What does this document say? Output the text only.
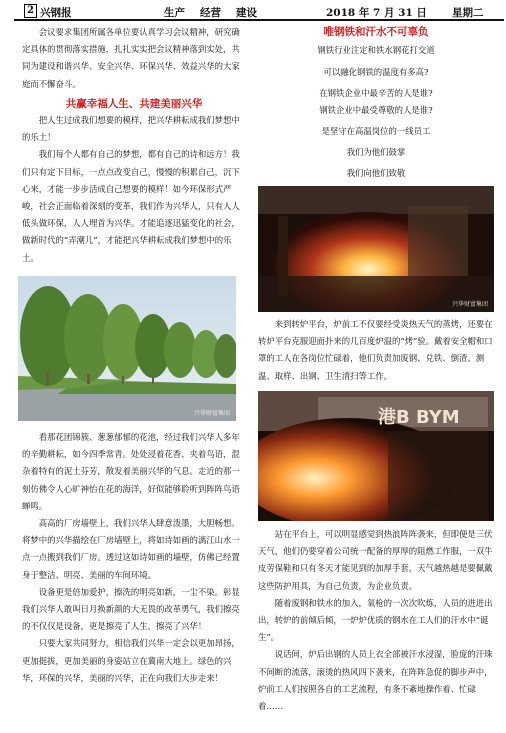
2 兴钢报	生产 经营 建设	2018 年 7 月 31 日 星期二

会议要求集团所属各单位要认真学习会议精神，研究确定具体的贯彻落实措施，扎扎实实把会议精神落到实处，共同为建设和谐兴华、安全兴华、环保兴华、效益兴华的大家庭而不懈奋斗。

共赢幸福人生、共建美丽兴华

把人生过成我们想要的模样，把兴华耕耘成我们梦想中的乐土！

我们每个人都有自己的梦想，都有自己的诗和远方！我们只有定下目标，一点点改变自己，慢慢的积累自己，沉下心来，才能一步步活成自己想要的模样！如今环保形式严峻，社会正面临着深刻的变革，我们作为兴华人，只有人人低头做环保，人人埋首为兴华。才能追逐迅猛变化的社会，做新时代的“弄潮儿”，才能把兴华耕耘成我们梦想中的乐土。

兴华财富集团

看那花团锦簇、葱葱郁郁的花池，经过我们兴华人多年的辛勤耕耘，如今四季常青。处处浸着花香、夹着鸟语，混杂着特有的泥土芬芳，散发着美丽兴华的气息。走近的那一刻仿佛令人心旷神怡在花的海洋，好似能够聆听到阵阵鸟语蝉鸣。

高高的厂房墙壁上，我们兴华人肆意泼墨，大胆畅想。将梦中的兴华描绘在厂房墙壁上，将如诗如画的漓江山水一点一点搬到我们厂房。透过这如诗如画的墙壁，仿佛已经置身于整洁、明亮、美丽的车间环境。

设备更是倍加爱护，擦洗的明亮如新，一尘不染。彰显我们兴华人敢叫日月换新颜的大无畏的改革勇气，我们擦亮的不仅仅是设备，更是擦亮了人生，擦亮了兴华！

只要大家共同努力，相信我们兴华一定会以更加昂扬，更加挺拔，更加美丽的身姿站立在冀南大地上。绿色的兴华，环保的兴华，美丽的兴华，正在向我们大步走来！

唯钢铁和汗水不可辜负
钢铁行业注定和铁水钢花打交道
可以融化钢铁的温度有多高?
在钢铁企业中最辛苦的人是谁?
钢铁企业中最受尊敬的人是谁?
是坚守在高温岗位的一线员工
我们为他们鼓掌
我们向他们致敬
兴华财富集团

来到转炉平台，炉前工不仅要经受炎热天气的蒸烤，还要在转炉平台克服迎面扑来的几百度炉温的“烤”验。戴着安全帽和口罩的工人在各岗位忙碌着，他们负责加废钢、兑铁、倒渣、测温、取样、出钢、卫生清扫等工作。

港B BYM

站在平台上，可以明显感觉到热浪阵阵袭来，但即便是三伏天气，他们仍要穿着公司统一配备的厚厚的阻燃工作服，一双牛皮劳保鞋和只有冬天才能见到的加厚手套，天气越热越是要佩戴这些防护用具，为自己负责，为企业负责。

随着废钢和铁水的加入，氧枪的一次次吹炼，人员的进进出出，转炉的前倾后倾，一炉炉优质的钢水在工人们的汗水中“诞生”。

说话间，炉后出钢的人员上衣全部被汗水浸湿，脸庞的汗珠不间断的流落，滚烫的热风四下袭来，在阵阵急促的脚步声中，炉前工人们按照各自的工艺流程，有条不紊地操作着、忙碌着……
